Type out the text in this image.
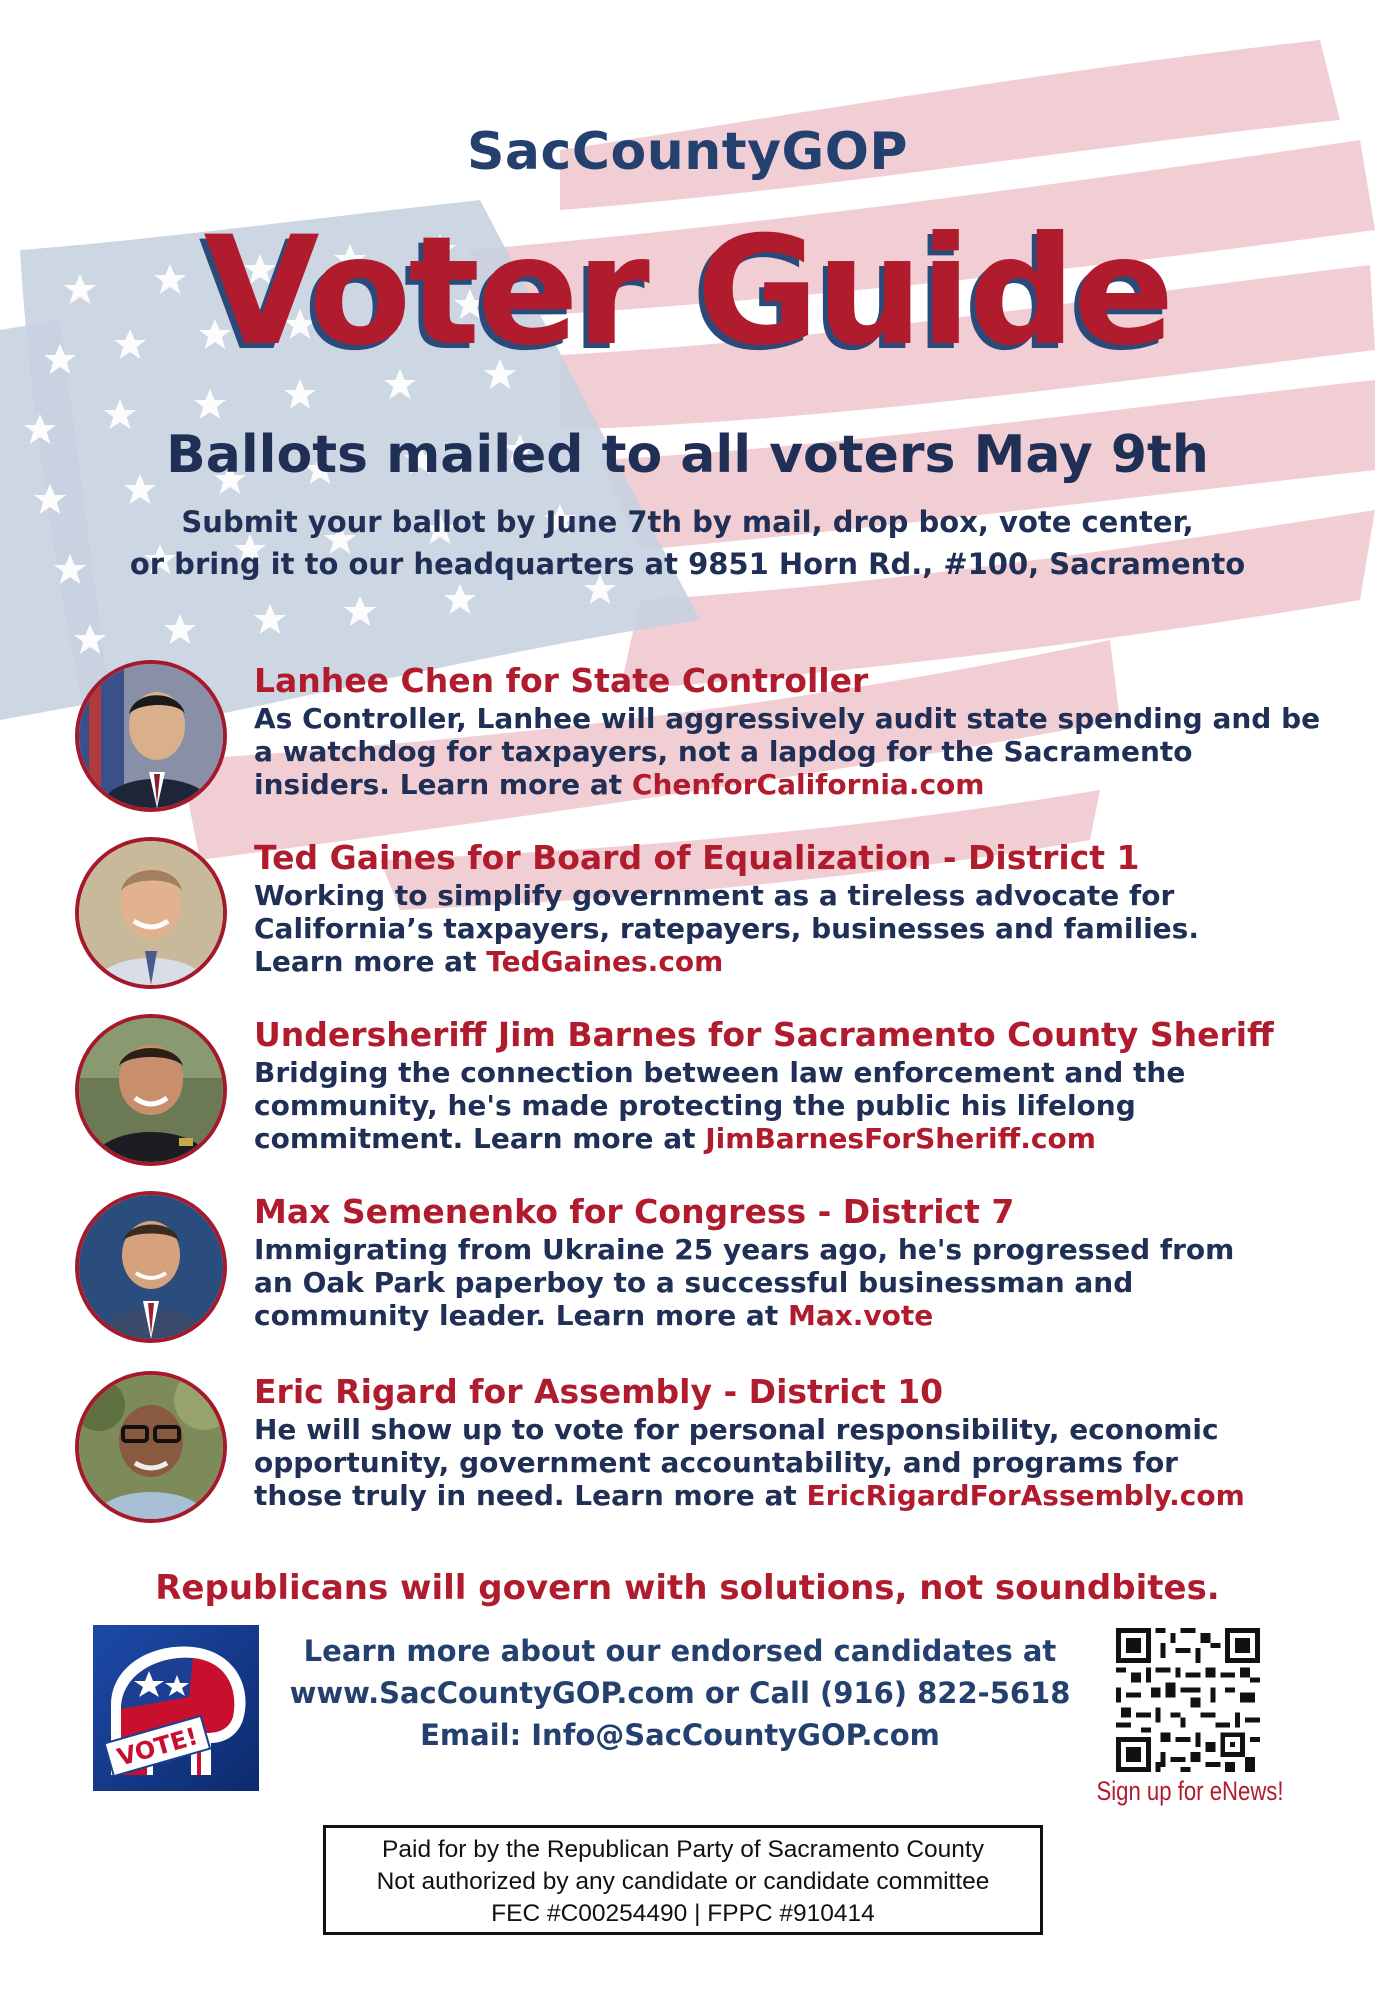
SacCountyGOP
Voter Guide
Ballots mailed to all voters May 9th
Submit your ballot by June 7th by mail, drop box, vote center,
or bring it to our headquarters at 9851 Horn Rd., #100, Sacramento
Lanhee Chen for State Controller
As Controller, Lanhee will aggressively audit state spending and be
a watchdog for taxpayers, not a lapdog for the Sacramento
insiders. Learn more at ChenforCalifornia.com
Ted Gaines for Board of Equalization - District 1
Working to simplify government as a tireless advocate for
California’s taxpayers, ratepayers, businesses and families.
Learn more at TedGaines.com
Undersheriff Jim Barnes for Sacramento County Sheriff
Bridging the connection between law enforcement and the
community, he's made protecting the public his lifelong
commitment. Learn more at JimBarnesForSheriff.com
Max Semenenko for Congress - District 7
Immigrating from Ukraine 25 years ago, he's progressed from
an Oak Park paperboy to a successful businessman and
community leader. Learn more at Max.vote
Eric Rigard for Assembly - District 10
He will show up to vote for personal responsibility, economic
opportunity, government accountability, and programs for
those truly in need. Learn more at EricRigardForAssembly.com
Republicans will govern with solutions, not soundbites.
VOTE!
Learn more about our endorsed candidates at
www.SacCountyGOP.com or Call (916) 822-5618
Email: Info@SacCountyGOP.com
Sign up for eNews!
Paid for by the Republican Party of Sacramento County
Not authorized by any candidate or candidate committee
FEC #C00254490 | FPPC #910414
